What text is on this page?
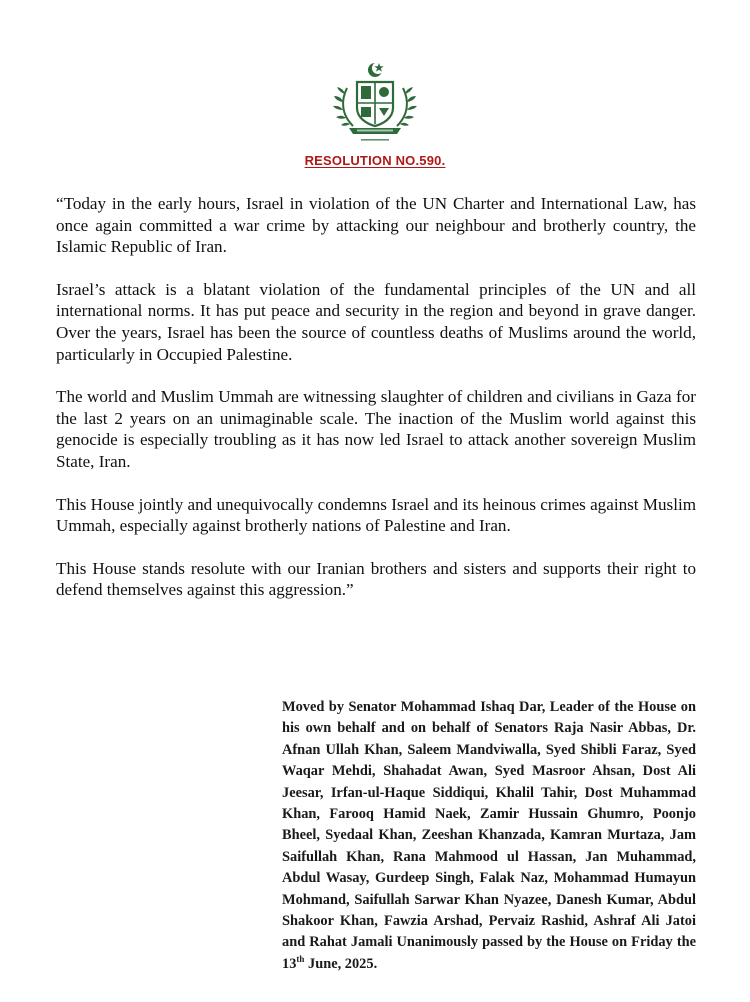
RESOLUTION NO.590.

“Today in the early hours, Israel in violation of the UN Charter and International Law, has once again committed a war crime by attacking our neighbour and brotherly country, the Islamic Republic of Iran.

Israel’s attack is a blatant violation of the fundamental principles of the UN and all international norms. It has put peace and security in the region and beyond in grave danger. Over the years, Israel has been the source of countless deaths of Muslims around the world, particularly in Occupied Palestine.

The world and Muslim Ummah are witnessing slaughter of children and civilians in Gaza for the last 2 years on an unimaginable scale. The inaction of the Muslim world against this genocide is especially troubling as it has now led Israel to attack another sovereign Muslim State, Iran.

This House jointly and unequivocally condemns Israel and its heinous crimes against Muslim Ummah, especially against brotherly nations of Palestine and Iran.

This House stands resolute with our Iranian brothers and sisters and supports their right to defend themselves against this aggression.”

Moved by Senator Mohammad Ishaq Dar, Leader of the House on his own behalf and on behalf of Senators Raja Nasir Abbas, Dr. Afnan Ullah Khan, Saleem Mandviwalla, Syed Shibli Faraz, Syed Waqar Mehdi, Shahadat Awan, Syed Masroor Ahsan, Dost Ali Jeesar, Irfan-ul-Haque Siddiqui, Khalil Tahir, Dost Muhammad Khan, Farooq Hamid Naek, Zamir Hussain Ghumro, Poonjo Bheel, Syedaal Khan, Zeeshan Khanzada, Kamran Murtaza, Jam Saifullah Khan, Rana Mahmood ul Hassan, Jan Muhammad, Abdul Wasay, Gurdeep Singh, Falak Naz, Mohammad Humayun Mohmand, Saifullah Sarwar Khan Nyazee, Danesh Kumar, Abdul Shakoor Khan, Fawzia Arshad, Pervaiz Rashid, Ashraf Ali Jatoi and Rahat Jamali Unanimously passed by the House on Friday the 13th June, 2025.
